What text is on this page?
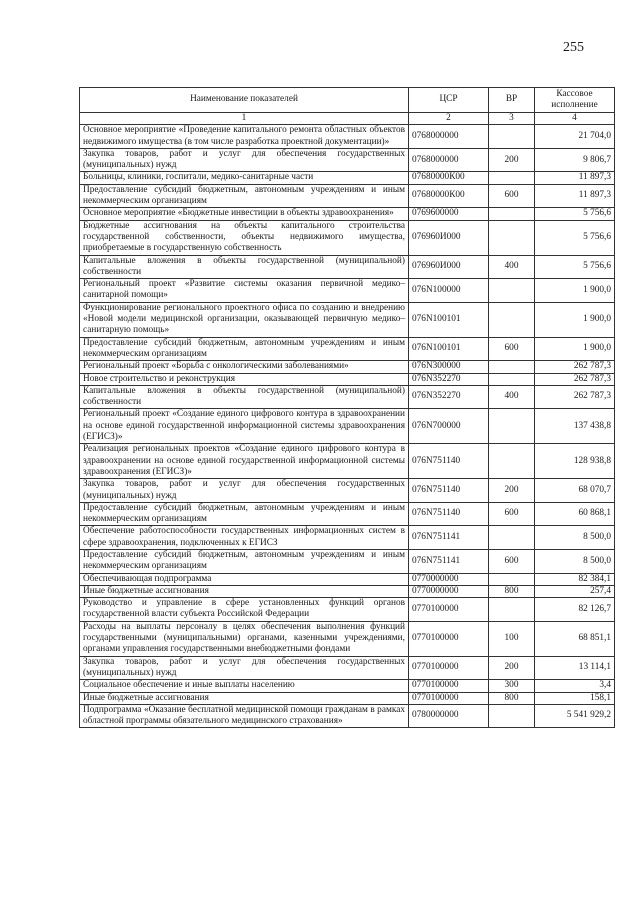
255
Наименование показателей	ЦСР	ВР	Кассовое исполнение
1	2	3	4
Основное мероприятие «Проведение капитального ремонта областных объектов недвижимого имущества (в том числе разработка проектной документации)»	0768000000		21 704,0
Закупка товаров, работ и услуг для обеспечения государственных (муниципальных) нужд	0768000000	200	9 806,7
Больницы, клиники, госпитали, медико-санитарные части	07680000К00		11 897,3
Предоставление субсидий бюджетным, автономным учреждениям и иным некоммерческим организациям	07680000К00	600	11 897,3
Основное мероприятие «Бюджетные инвестиции в объекты здравоохранения»	0769600000		5 756,6
Бюджетные ассигнования на объекты капитального строительства государственной собственности, объекты недвижимого имущества, приобретаемые в государственную собственность	076960И000		5 756,6
Капитальные вложения в объекты государственной (муниципальной) собственности	076960И000	400	5 756,6
Региональный проект «Развитие системы оказания первичной медико–санитарной помощи»	076N100000		1 900,0
Функционирование регионального проектного офиса по созданию и внедрению «Новой модели медицинской организации, оказывающей первичную медико–санитарную помощь»	076N100101		1 900,0
Предоставление субсидий бюджетным, автономным учреждениям и иным некоммерческим организациям	076N100101	600	1 900,0
Региональный проект «Борьба с онкологическими заболеваниями»	076N300000		262 787,3
Новое строительство и реконструкция	076N352270		262 787,3
Капитальные вложения в объекты государственной (муниципальной) собственности	076N352270	400	262 787,3
Региональный проект «Создание единого цифрового контура в здравоохранении на основе единой государственной информационной системы здравоохранения (ЕГИСЗ)»	076N700000		137 438,8
Реализация региональных проектов «Создание единого цифрового контура в здравоохранении на основе единой государственной информационной системы здравоохранения (ЕГИСЗ)»	076N751140		128 938,8
Закупка товаров, работ и услуг для обеспечения государственных (муниципальных) нужд	076N751140	200	68 070,7
Предоставление субсидий бюджетным, автономным учреждениям и иным некоммерческим организациям	076N751140	600	60 868,1
Обеспечение работоспособности государственных информационных систем в сфере здравоохранения, подключенных к ЕГИСЗ	076N751141		8 500,0
Предоставление субсидий бюджетным, автономным учреждениям и иным некоммерческим организациям	076N751141	600	8 500,0
Обеспечивающая подпрограмма	0770000000		82 384,1
Иные бюджетные ассигнования	0770000000	800	257,4
Руководство и управление в сфере установленных функций органов государственной власти субъекта Российской Федерации	0770100000		82 126,7
Расходы на выплаты персоналу в целях обеспечения выполнения функций государственными (муниципальными) органами, казенными учреждениями, органами управления государственными внебюджетными фондами	0770100000	100	68 851,1
Закупка товаров, работ и услуг для обеспечения государственных (муниципальных) нужд	0770100000	200	13 114,1
Социальное обеспечение и иные выплаты населению	0770100000	300	3,4
Иные бюджетные ассигнования	0770100000	800	158,1
Подпрограмма «Оказание бесплатной медицинской помощи гражданам в рамках областной программы обязательного медицинского страхования»	0780000000		5 541 929,2
